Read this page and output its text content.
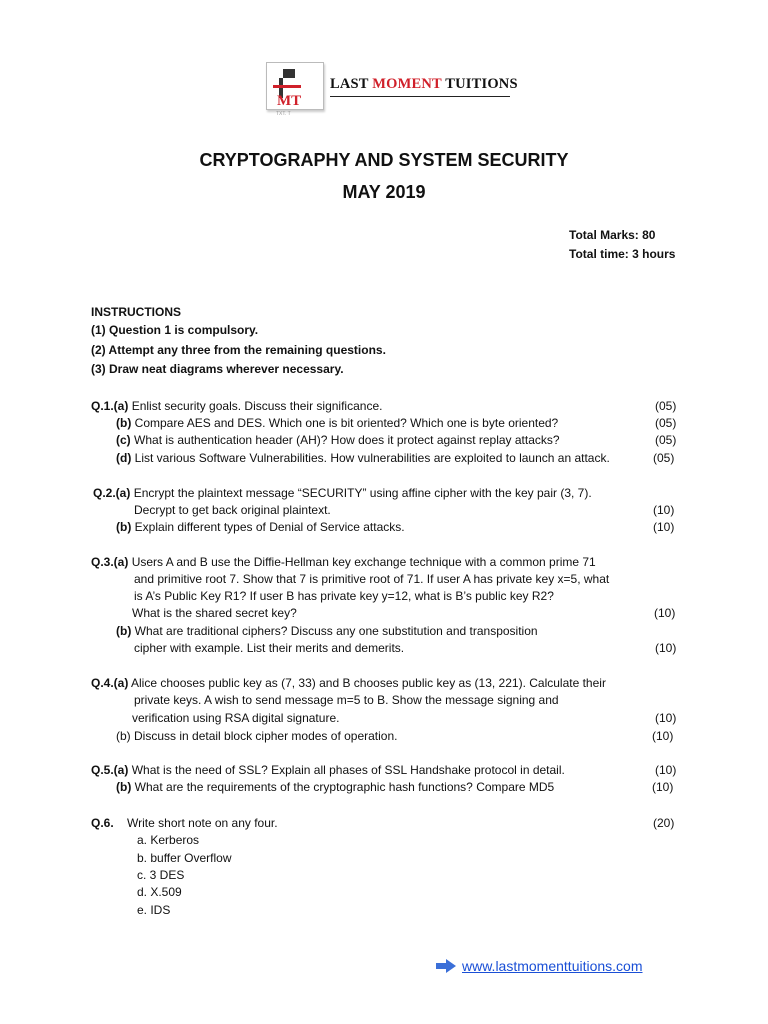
MT
LAST MOMENT TUITIONS
TXT. T
CRYPTOGRAPHY AND SYSTEM SECURITY
MAY 2019
Total Marks: 80
Total time: 3 hours
INSTRUCTIONS
(1) Question 1 is compulsory.
(2) Attempt any three from the remaining questions.
(3) Draw neat diagrams wherever necessary.
Q.1.(a) Enlist security goals. Discuss their significance.	(05)
(b) Compare AES and DES. Which one is bit oriented? Which one is byte oriented?	(05)
(c) What is authentication header (AH)? How does it protect against replay attacks?	(05)
(d) List various Software Vulnerabilities. How vulnerabilities are exploited to launch an attack.	(05)
Q.2.(a) Encrypt the plaintext message “SECURITY” using affine cipher with the key pair (3, 7).
Decrypt to get back original plaintext.	(10)
(b) Explain different types of Denial of Service attacks.	(10)
Q.3.(a) Users A and B use the Diffie-Hellman key exchange technique with a common prime 71
and primitive root 7. Show that 7 is primitive root of 71. If user A has private key x=5, what
is A’s Public Key R1? If user B has private key y=12, what is B’s public key R2?
What is the shared secret key?	(10)
(b) What are traditional ciphers? Discuss any one substitution and transposition
cipher with example. List their merits and demerits.	(10)
Q.4.(a) Alice chooses public key as (7, 33) and B chooses public key as (13, 221). Calculate their
private keys. A wish to send message m=5 to B. Show the message signing and
verification using RSA digital signature.	(10)
(b) Discuss in detail block cipher modes of operation.	(10)
Q.5.(a) What is the need of SSL? Explain all phases of SSL Handshake protocol in detail.	(10)
(b) What are the requirements of the cryptographic hash functions? Compare MD5	(10)
Q.6. Write short note on any four.	(20)
a. Kerberos
b. buffer Overflow
c. 3 DES
d. X.509
e. IDS
www.lastmomenttuitions.com
